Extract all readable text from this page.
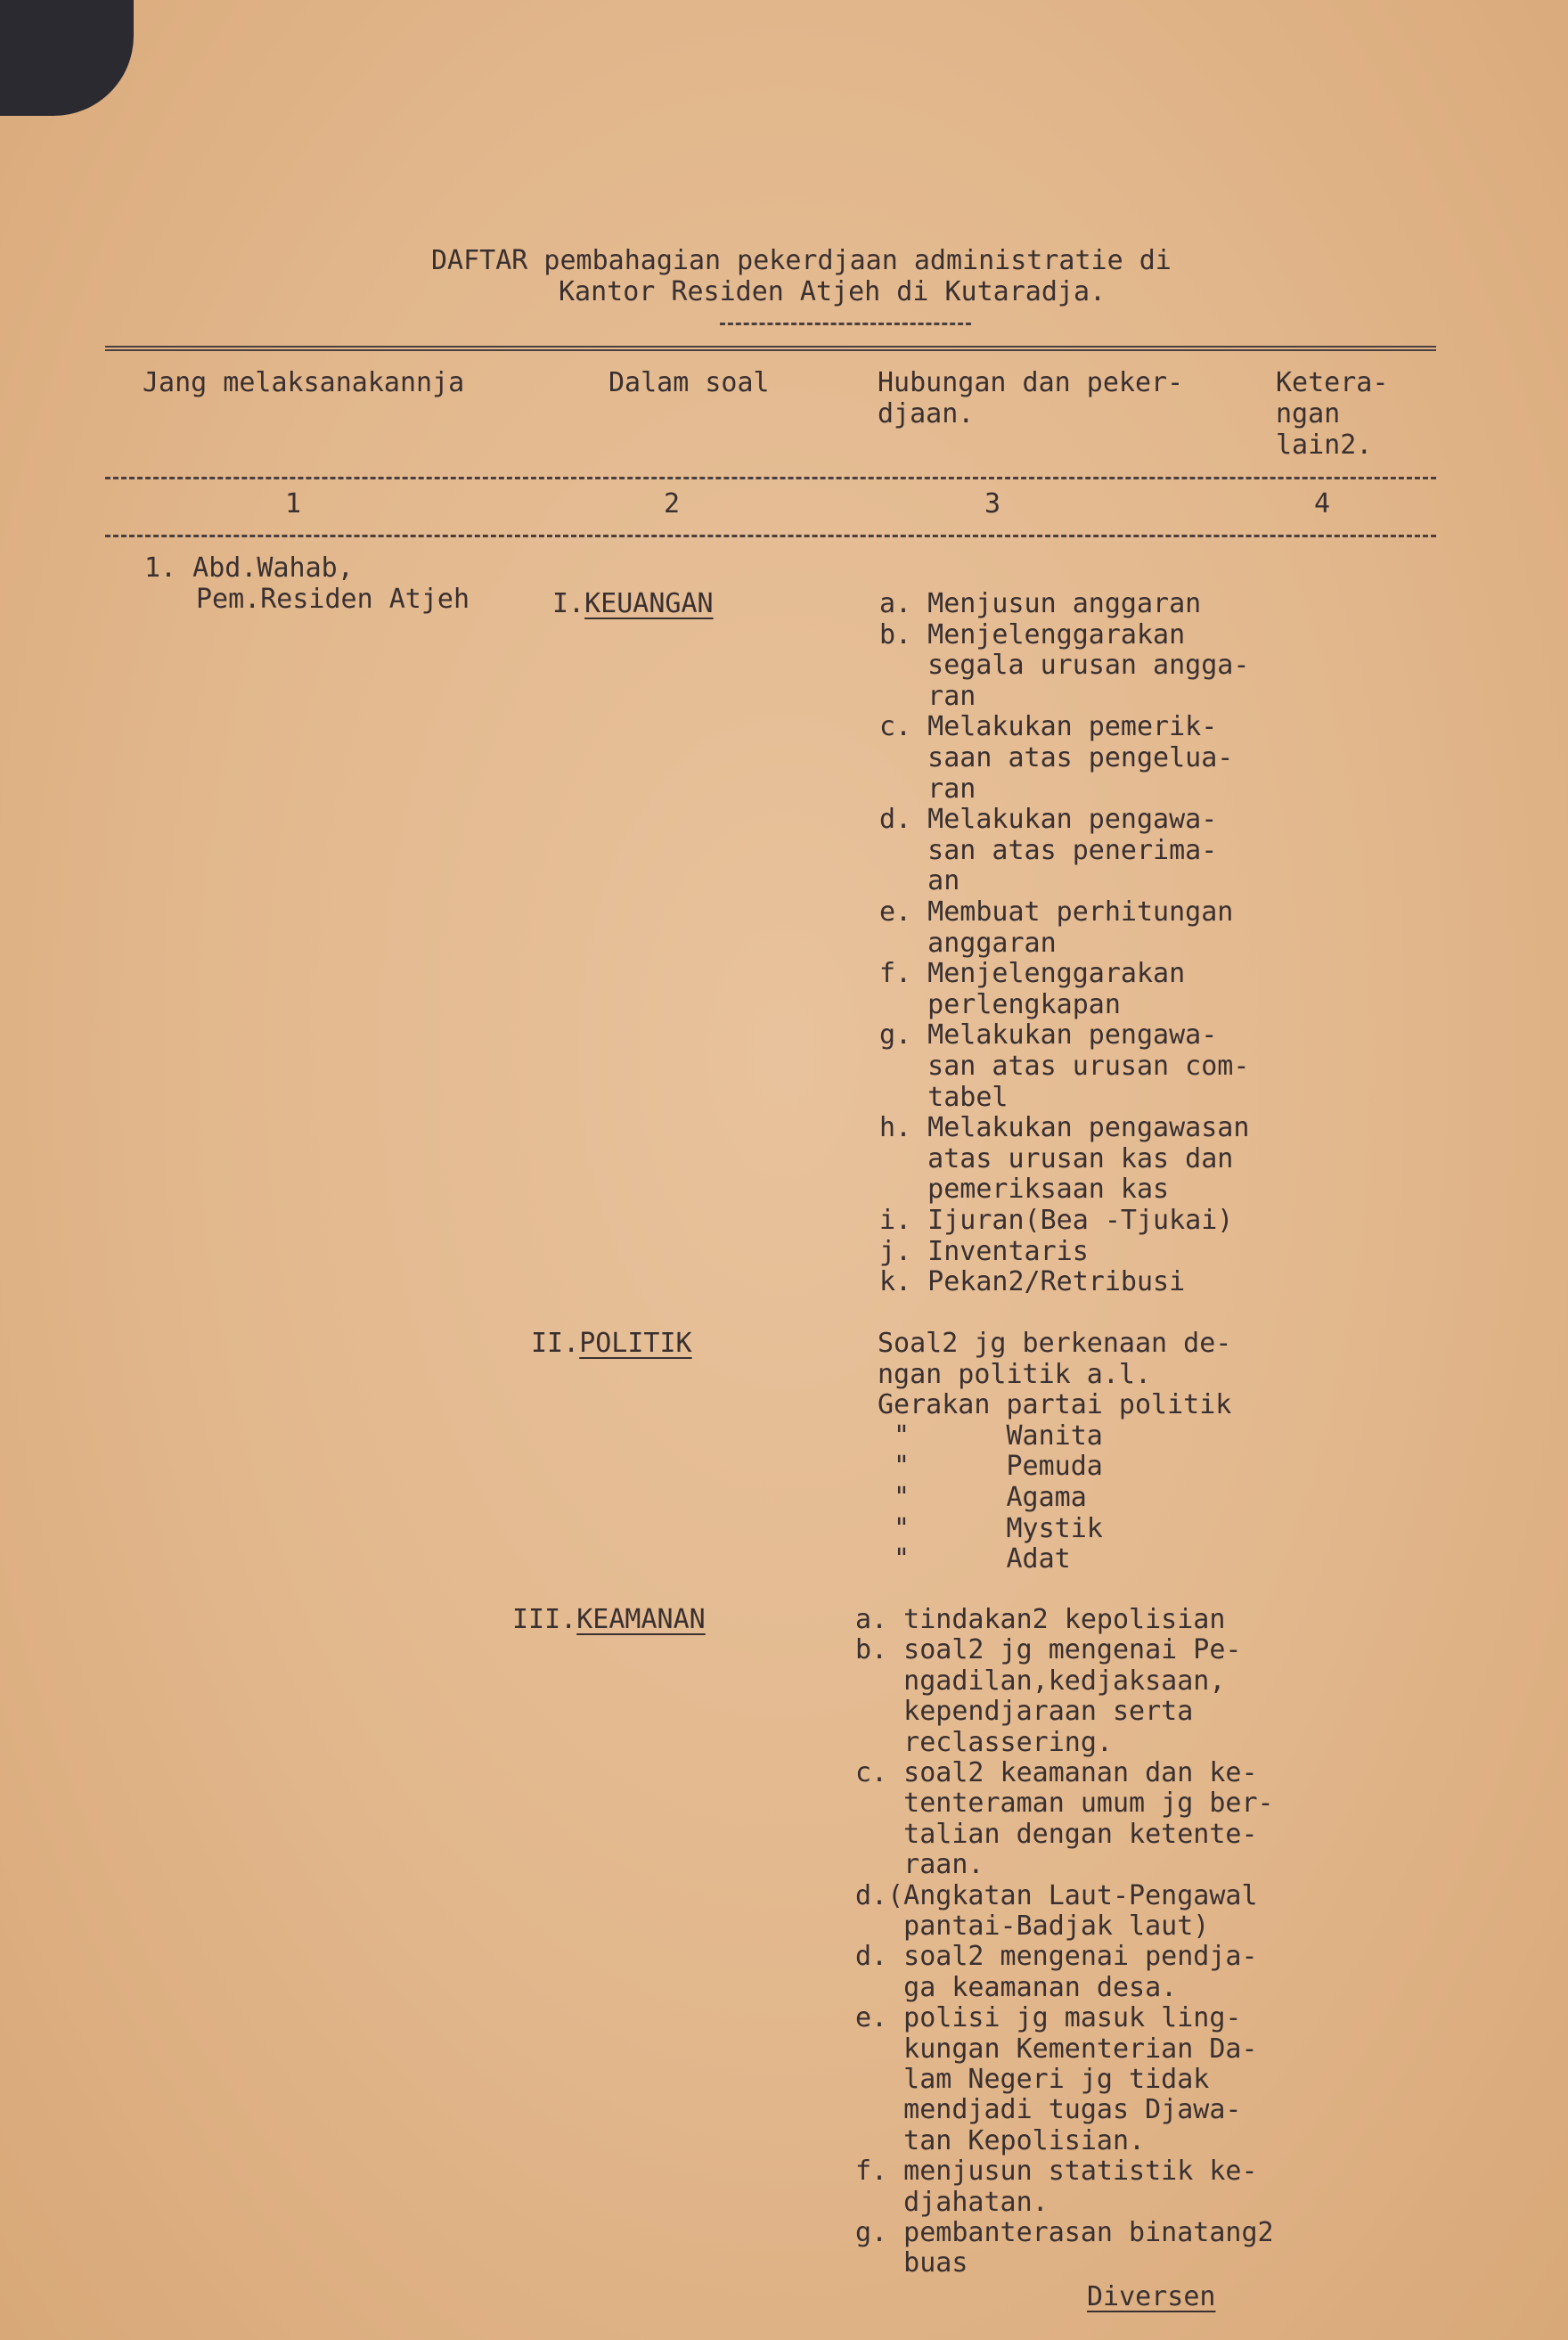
DAFTAR pembahagian pekerdjaan administratie di
Kantor Residen Atjeh di Kutaradja.
Jang melaksanakannja	Dalam soal	Hubungan dan peker-
djaan.
Ketera-
ngan
lain2.
1	2	3	4
1. Abd.Wahab,
Pem.Residen Atjeh	I.KEUANGAN	a. Menjusun anggaran
b. Menjelenggarakan
segala urusan angga-
ran
c. Melakukan pemerik-
saan atas pengelua-
ran
d. Melakukan pengawa-
san atas penerima-
an
e. Membuat perhitungan
anggaran
f. Menjelenggarakan
perlengkapan
g. Melakukan pengawa-
san atas urusan com-
tabel
h. Melakukan pengawasan
atas urusan kas dan
pemeriksaan kas
i. Ijuran(Bea -Tjukai)
j. Inventaris
k. Pekan2/Retribusi
II.POLITIK	Soal2 jg berkenaan de-
ngan politik a.l.
Gerakan partai politik
"      Wanita
"      Pemuda
"      Agama
"      Mystik
"      Adat
III.KEAMANAN	a. tindakan2 kepolisian
b. soal2 jg mengenai Pe-
ngadilan,kedjaksaan,
kependjaraan serta
reclassering.
c. soal2 keamanan dan ke-
tenteraman umum jg ber-
talian dengan ketente-
raan.
d.(Angkatan Laut-Pengawal
pantai-Badjak laut)
d. soal2 mengenai pendja-
ga keamanan desa.
e. polisi jg masuk ling-
kungan Kementerian Da-
lam Negeri jg tidak
mendjadi tugas Djawa-
tan Kepolisian.
f. menjusun statistik ke-
djahatan.
g. pembanterasan binatang2
buas
Diversen
